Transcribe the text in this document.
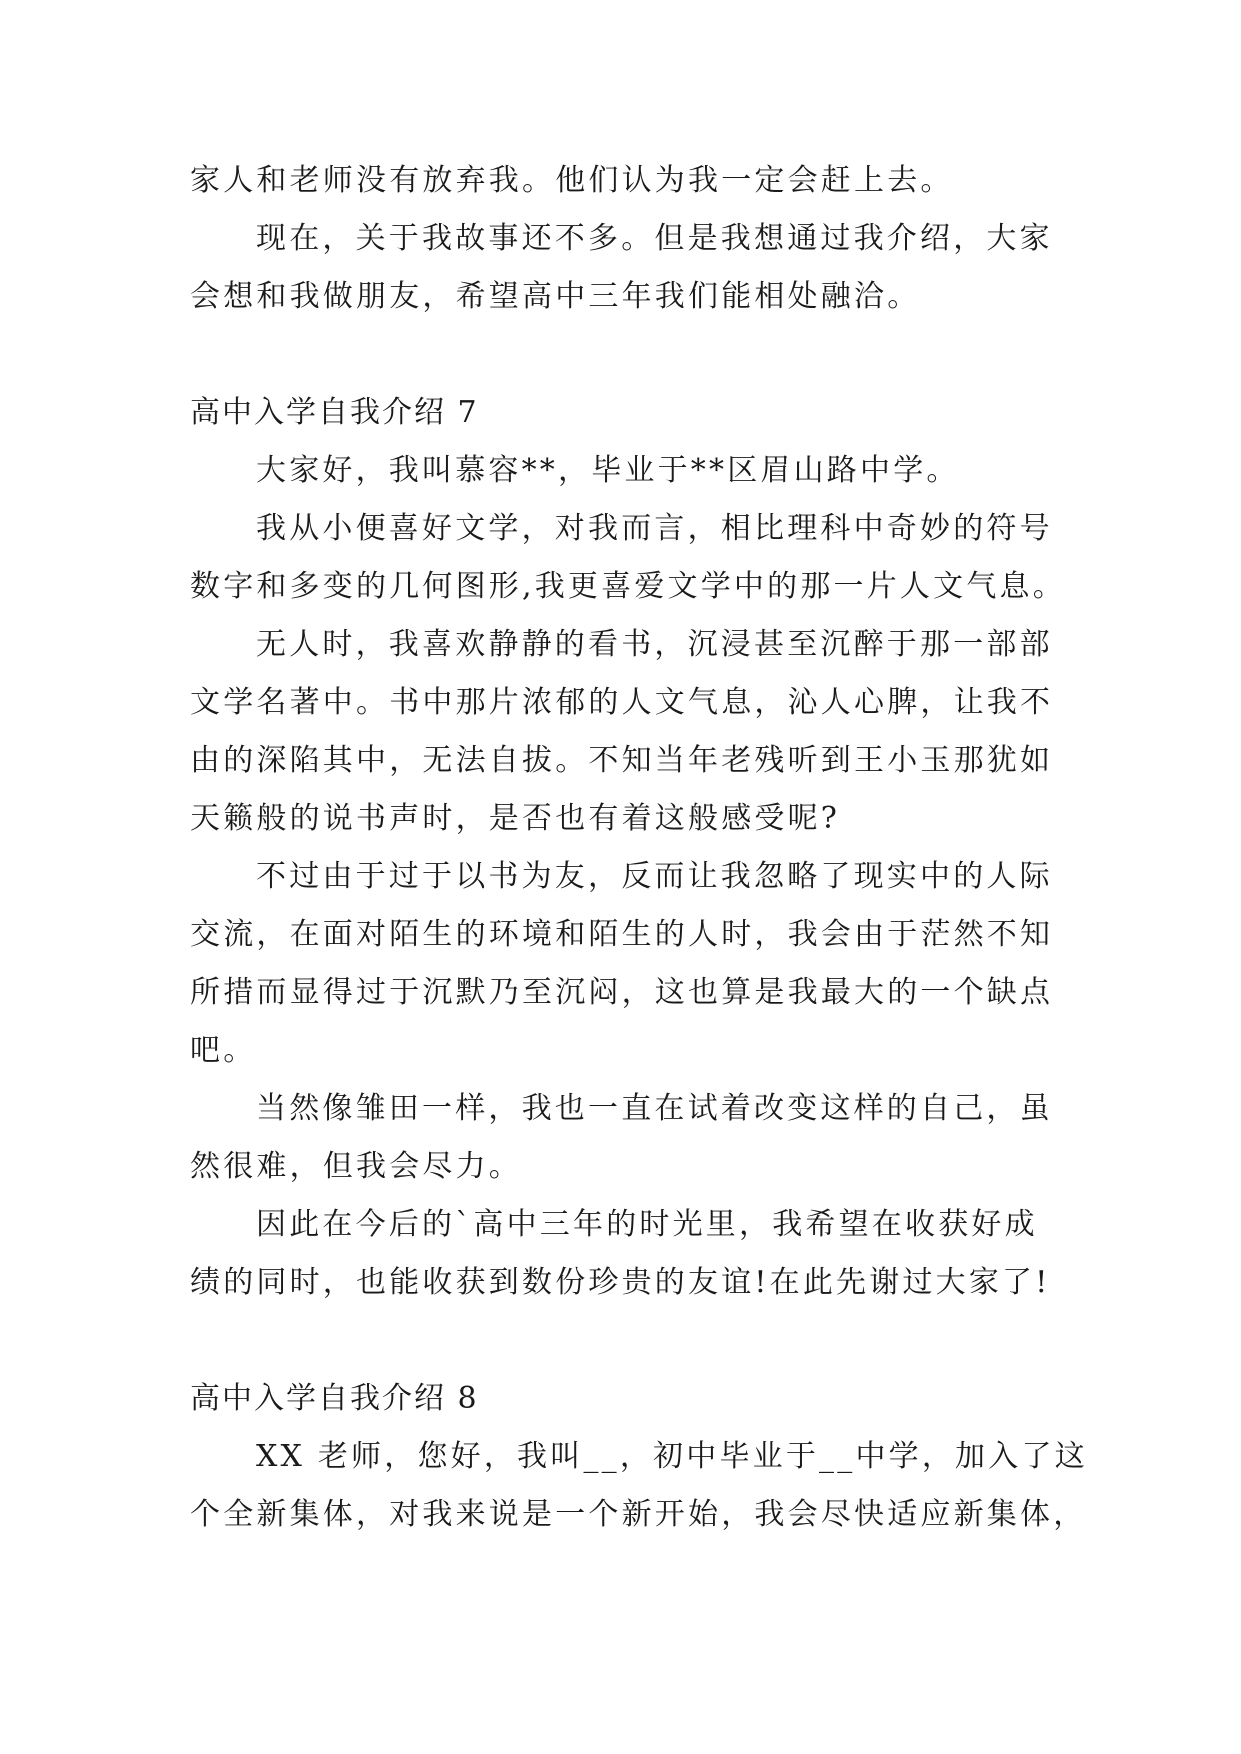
家人和老师没有放弃我。他们认为我一定会赶上去。
现在，关于我故事还不多。但是我想通过我介绍，大家
会想和我做朋友，希望高中三年我们能相处融洽。
高中入学自我介绍 7
大家好，我叫慕容**，毕业于**区眉山路中学。
我从小便喜好文学，对我而言，相比理科中奇妙的符号
数字和多变的几何图形,我更喜爱文学中的那一片人文气息。
无人时，我喜欢静静的看书，沉浸甚至沉醉于那一部部
文学名著中。书中那片浓郁的人文气息，沁人心脾，让我不
由的深陷其中，无法自拔。不知当年老残听到王小玉那犹如
天籁般的说书声时，是否也有着这般感受呢?
不过由于过于以书为友，反而让我忽略了现实中的人际
交流，在面对陌生的环境和陌生的人时，我会由于茫然不知
所措而显得过于沉默乃至沉闷，这也算是我最大的一个缺点
吧。
当然像雏田一样，我也一直在试着改变这样的自己，虽
然很难，但我会尽力。
因此在今后的`高中三年的时光里，我希望在收获好成
绩的同时，也能收获到数份珍贵的友谊!在此先谢过大家了!
高中入学自我介绍 8
XX 老师，您好，我叫__，初中毕业于__中学，加入了这
个全新集体，对我来说是一个新开始，我会尽快适应新集体，
